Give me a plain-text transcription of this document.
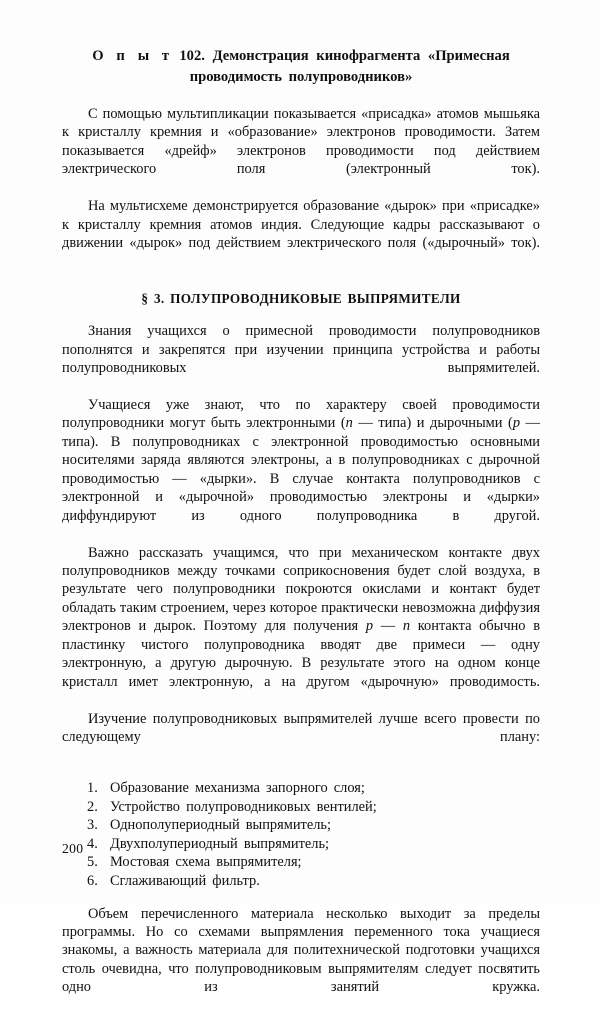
О п ы т 102. Демонстрация кинофрагмента «Примесная
проводимость полупроводников»

С помощью мультипликации показывается «присадка» атомов мышьяка к кристаллу кремния и «образование» электронов проводимости. Затем показывается «дрейф» электронов проводимости под действием электрического поля (электронный ток).

На мультисхеме демонстрируется образование «дырок» при «присадке» к кристаллу кремния атомов индия. Следующие кадры рассказывают о движении «дырок» под действием электрического поля («дырочный» ток).

§ 3. ПОЛУПРОВОДНИКОВЫЕ ВЫПРЯМИТЕЛИ

Знания учащихся о примесной проводимости полупроводников пополнятся и закрепятся при изучении принципа устройства и работы полупроводниковых выпрямителей.

Учащиеся уже знают, что по характеру своей проводимости полупроводники могут быть электронными (n — типа) и дырочными (p — типа). В полупроводниках с электронной проводимостью основными носителями заряда являются электроны, а в полупроводниках с дырочной проводимостью — «дырки». В случае контакта полупроводников с электронной и «дырочной» проводимостью электроны и «дырки» диффундируют из одного полупроводника в другой.

Важно рассказать учащимся, что при механическом контакте двух полупроводников между точками соприкосновения будет слой воздуха, в результате чего полупроводники покроются окислами и контакт будет обладать таким строением, через которое практически невозможна диффузия электронов и дырок. Поэтому для получения p — n контакта обычно в пластинку чистого полупроводника вводят две примеси — одну электронную, а другую дырочную. В результате этого на одном конце кристалл имет электронную, а на другом «дырочную» проводимость.

Изучение полупроводниковых выпрямителей лучше всего провести по следующему плану:

1. Образование механизма запорного слоя;
2. Устройство полупроводниковых вентилей;
3. Однополупериодный выпрямитель;
4. Двухполупериодный выпрямитель;
5. Мостовая схема выпрямителя;
6. Сглаживающий фильтр.

Объем перечисленного материала несколько выходит за пределы программы. Но со схемами выпрямления переменного тока учащиеся знакомы, а важность материала для политехнической подготовки учащихся столь очевидна, что полупроводниковым выпрямителям следует посвятить одно из занятий кружка.

200
